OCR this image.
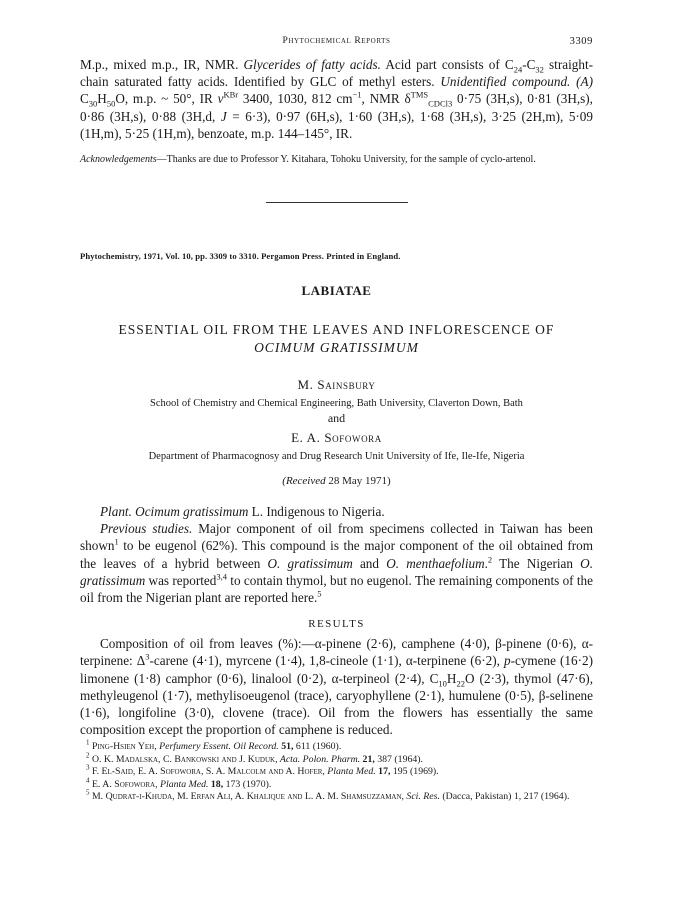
Phytochemical Reports	3309

M.p., mixed m.p., IR, NMR. Glycerides of fatty acids. Acid part consists of $C_{24}-C_{32}$ straight-chain saturated fatty acids. Identified by GLC of methyl esters. Unidentified compound. (A) $C_{30}H_{50}O$, m.p. ~ 50°, IR $\nu^{KBr}$ 3400, 1030, 812 $cm^{-1}$, NMR $\delta^{TMS}_{CDCl3}$ 0·75 (3H,s), 0·81 (3H,s), 0·86 (3H,s), 0·88 (3H,d, J = 6·3), 0·97 (6H,s), 1·60 (3H,s), 1·68 (3H,s), 3·25 (2H,m), 5·09 (1H,m), 5·25 (1H,m), benzoate, m.p. 144–145°, IR.

Acknowledgements—Thanks are due to Professor Y. Kitahara, Tohoku University, for the sample of cyclo-artenol.

Phytochemistry, 1971, Vol. 10, pp. 3309 to 3310. Pergamon Press. Printed in England.

LABIATAE

ESSENTIAL OIL FROM THE LEAVES AND INFLORESCENCE OF
OCIMUM GRATISSIMUM

M. Sainsbury

School of Chemistry and Chemical Engineering, Bath University, Claverton Down, Bath

and

E. A. Sofowora

Department of Pharmacognosy and Drug Research Unit University of Ife, Ile-Ife, Nigeria

(Received 28 May 1971)

Plant. Ocimum gratissimum L. Indigenous to Nigeria.

Previous studies. Major component of oil from specimens collected in Taiwan has been shown$^1$ to be eugenol (62%). This compound is the major component of the oil obtained from the leaves of a hybrid between O. gratissimum and O. menthaefolium.$^2$ The Nigerian O. gratissimum was reported$^{3,4}$ to contain thymol, but no eugenol. The remaining components of the oil from the Nigerian plant are reported here.$^5$

RESULTS

Composition of oil from leaves (%):—α-pinene (2·6), camphene (4·0), β-pinene (0·6), α-terpinene: $\Delta^3$-carene (4·1), myrcene (1·4), 1,8-cineole (1·1), α-terpinene (6·2), p-cymene (16·2) limonene (1·8) camphor (0·6), linalool (0·2), α-terpineol (2·4), $C_{10}H_{22}O$ (2·3), thymol (47·6), methyleugenol (1·7), methylisoeugenol (trace), caryophyllene (2·1), humulene (0·5), β-selinene (1·6), longifoline (3·0), clovene (trace). Oil from the flowers has essentially the same composition except the proportion of camphene is reduced.

$^1$ Ping-Hsien Yeh, Perfumery Essent. Oil Record. 51, 611 (1960).

$^2$ O. K. Madalska, C. Bankowski and J. Kuduk, Acta. Polon. Pharm. 21, 387 (1964).

$^3$ F. El-Said, E. A. Sofowora, S. A. Malcolm and A. Hofer, Planta Med. 17, 195 (1969).

$^4$ E. A. Sofowora, Planta Med. 18, 173 (1970).

$^5$ M. Qudrat-i-Khuda, M. Erfan Ali, A. Khalique and L. A. M. Shamsuzzaman, Sci. Res. (Dacca, Pakistan) 1, 217 (1964).
